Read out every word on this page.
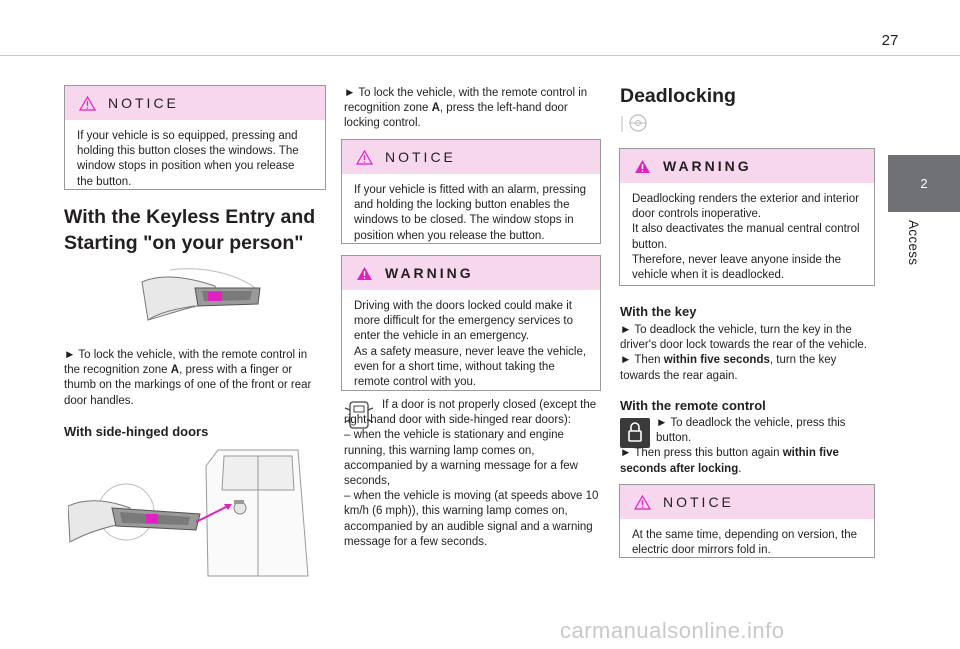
27
2
Access
NOTICE

If your vehicle is so equipped, pressing and holding this button closes the windows. The window stops in position when you release the button.

With the Keyless Entry and
Starting "on your person"
► To lock the vehicle, with the remote control in the recognition zone A, press with a finger or thumb on the markings of one of the front or rear door handles.
With side-hinged doors
► To lock the vehicle, with the remote control in recognition zone A, press the left-hand door locking control.
NOTICE

If your vehicle is fitted with an alarm, pressing and holding the locking button enables the windows to be closed. The window stops in position when you release the button.

WARNING

Driving with the doors locked could make it more difficult for the emergency services to enter the vehicle in an emergency.

As a safety measure, never leave the vehicle, even for a short time, without taking the remote control with you.

If a door is not properly closed (except the right-hand door with side-hinged rear doors):

– when the vehicle is stationary and engine running, this warning lamp comes on, accompanied by a warning message for a few seconds,

– when the vehicle is moving (at speeds above 10 km/h (6 mph)), this warning lamp comes on, accompanied by an audible signal and a warning message for a few seconds.

Deadlocking
WARNING

Deadlocking renders the exterior and interior door controls inoperative.

It also deactivates the manual central control button.

Therefore, never leave anyone inside the vehicle when it is deadlocked.

With the key

► To deadlock the vehicle, turn the key in the driver's door lock towards the rear of the vehicle.

► Then within five seconds, turn the key towards the rear again.

With the remote control

► To deadlock the vehicle, press this button.

► Then press this button again within five seconds after locking.

NOTICE

At the same time, depending on version, the electric door mirrors fold in.

carmanualsonline.info
